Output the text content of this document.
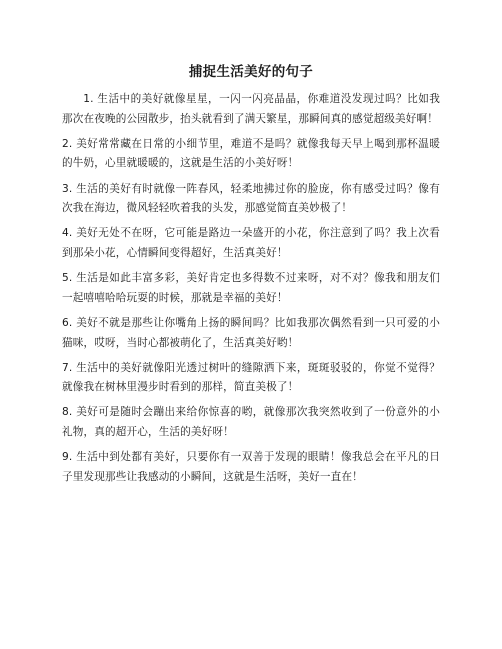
捕捉生活美好的句子

1. 生活中的美好就像星星，一闪一闪亮晶晶，你难道没发现过吗？比如我那次在夜晚的公园散步，抬头就看到了满天繁星，那瞬间真的感觉超级美好啊！

2. 美好常常藏在日常的小细节里，难道不是吗？就像我每天早上喝到那杯温暖的牛奶，心里就暖暖的，这就是生活的小美好呀！

3. 生活的美好有时就像一阵春风，轻柔地拂过你的脸庞，你有感受过吗？像有次我在海边，微风轻轻吹着我的头发，那感觉简直美妙极了！

4. 美好无处不在呀，它可能是路边一朵盛开的小花，你注意到了吗？我上次看到那朵小花，心情瞬间变得超好，生活真美好！

5. 生活是如此丰富多彩，美好肯定也多得数不过来呀，对不对？像我和朋友们一起嘻嘻哈哈玩耍的时候，那就是幸福的美好！

6. 美好不就是那些让你嘴角上扬的瞬间吗？比如我那次偶然看到一只可爱的小猫咪，哎呀，当时心都被萌化了，生活真美好哟！

7. 生活中的美好就像阳光透过树叶的缝隙洒下来，斑斑驳驳的，你觉不觉得？就像我在树林里漫步时看到的那样，简直美极了！

8. 美好可是随时会蹦出来给你惊喜的哟，就像那次我突然收到了一份意外的小礼物，真的超开心，生活的美好呀！

9. 生活中到处都有美好，只要你有一双善于发现的眼睛！像我总会在平凡的日子里发现那些让我感动的小瞬间，这就是生活呀，美好一直在！
